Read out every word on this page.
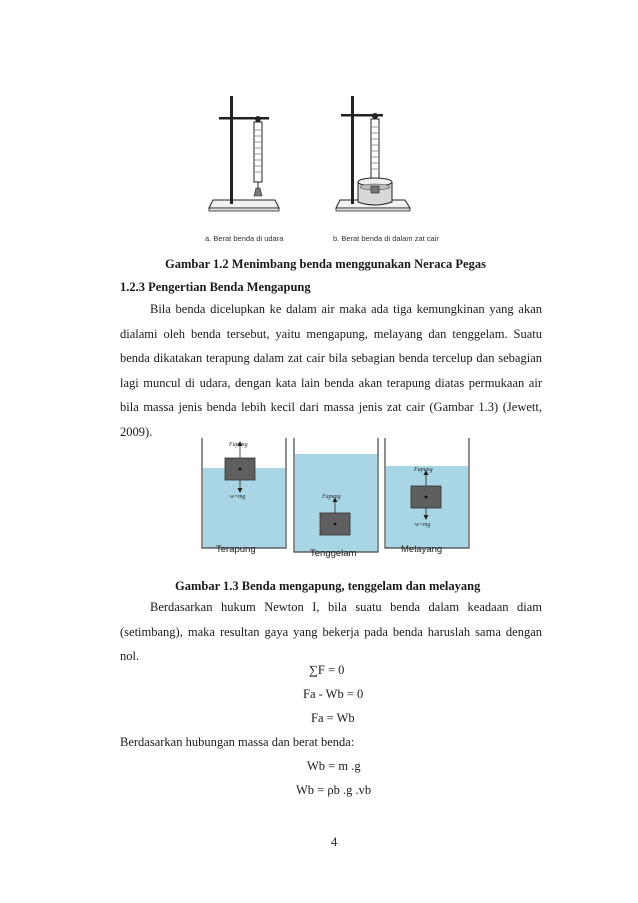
a. Berat benda di udara	b. Berat benda di dalam zat cair
Gambar 1.2 Menimbang benda menggunakan Neraca Pegas
1.2.3 Pengertian Benda Mengapung
Bila benda dicelupkan ke dalam air maka ada tiga kemungkinan yang akan dialami oleh benda tersebut, yaitu mengapung, melayang dan tenggelam. Suatu benda dikatakan terapung dalam zat cair bila sebagian benda tercelup dan sebagian lagi muncul di udara, dengan kata lain benda akan terapung diatas permukaan air bila massa jenis benda lebih kecil dari massa jenis zat cair (Gambar 1.3) (Jewett, 2009).
Fapung
w=mg	Fapung
Fapung
w=mg
Terapung	Tenggelam	Melayang
Gambar 1.3 Benda mengapung, tenggelam dan melayang
Berdasarkan hukum Newton I, bila suatu benda dalam keadaan diam (setimbang), maka resultan gaya yang bekerja pada benda haruslah sama dengan nol.
∑F = 0
Fa - Wb = 0
Fa = Wb
Berdasarkan hubungan massa dan berat benda:
Wb = m .g
Wb = ρb .g .vb
4
